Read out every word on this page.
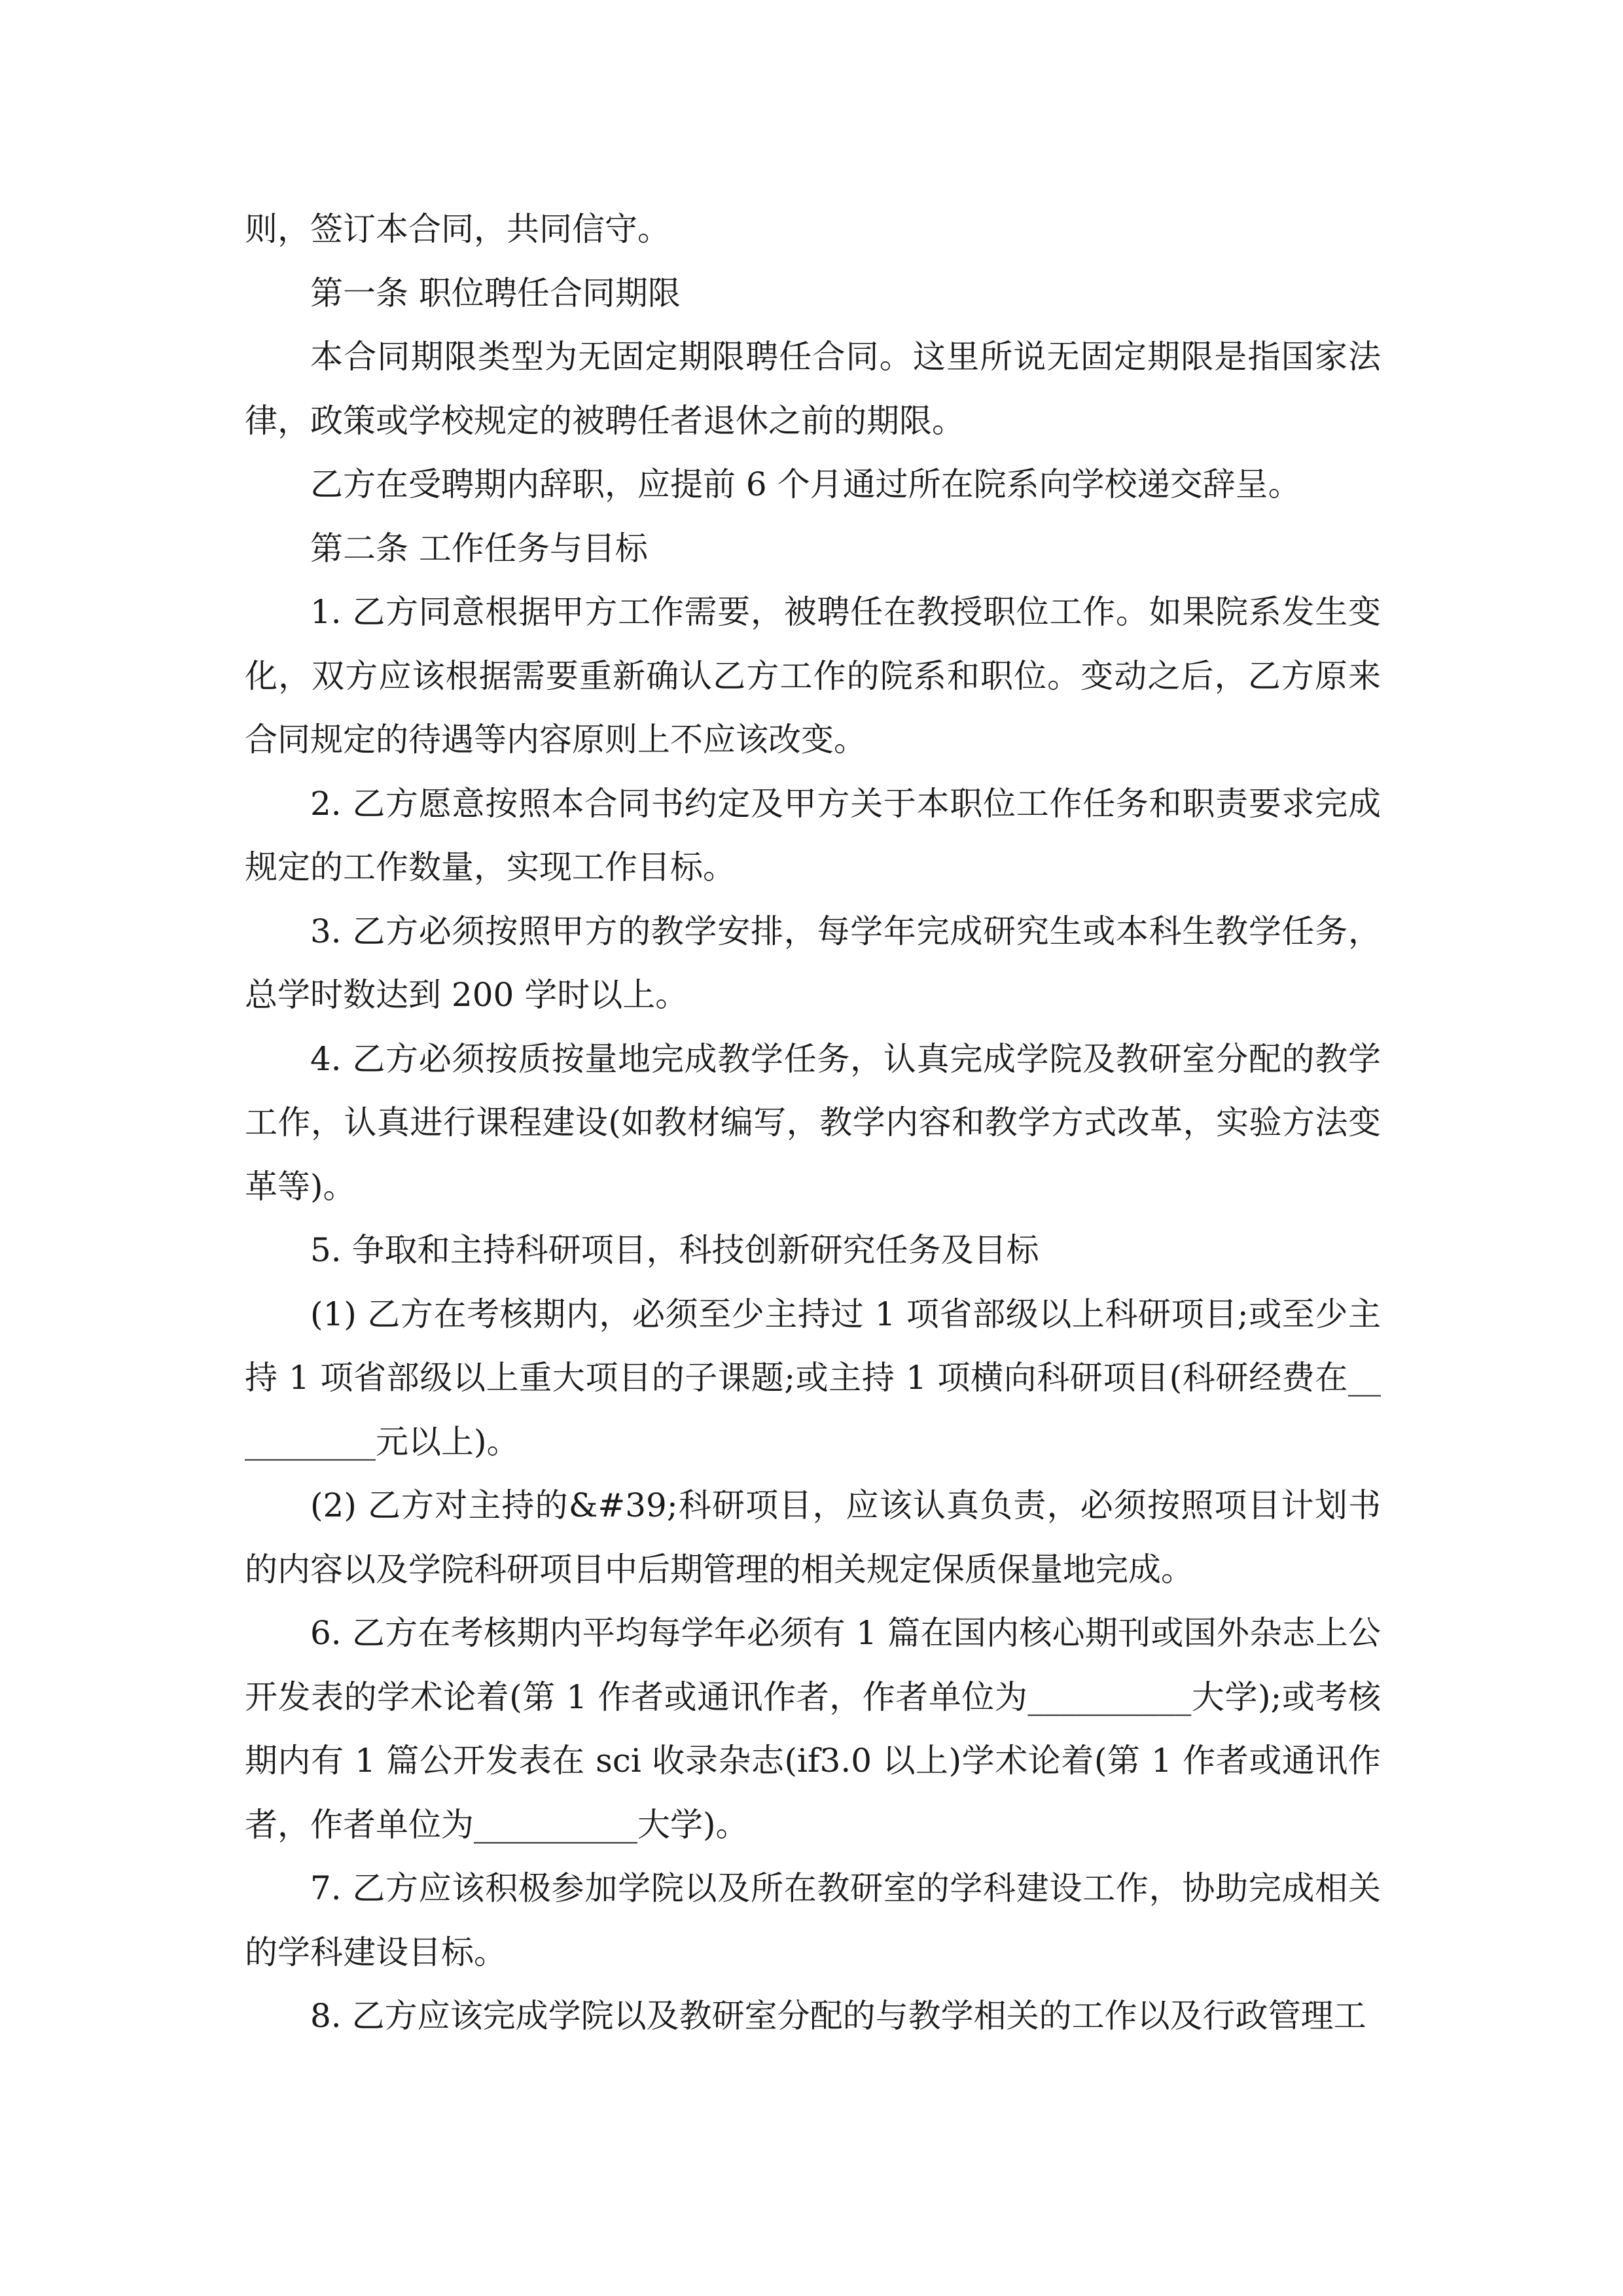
则，签订本合同，共同信守。

第一条 职位聘任合同期限

本合同期限类型为无固定期限聘任合同。这里所说无固定期限是指国家法律，政策或学校规定的被聘任者退休之前的期限。

乙方在受聘期内辞职，应提前 6 个月通过所在院系向学校递交辞呈。

第二条 工作任务与目标

1. 乙方同意根据甲方工作需要，被聘任在教授职位工作。如果院系发生变化，双方应该根据需要重新确认乙方工作的院系和职位。变动之后，乙方原来合同规定的待遇等内容原则上不应该改变。

2. 乙方愿意按照本合同书约定及甲方关于本职位工作任务和职责要求完成规定的工作数量，实现工作目标。

3. 乙方必须按照甲方的教学安排，每学年完成研究生或本科生教学任务，总学时数达到 200 学时以上。

4. 乙方必须按质按量地完成教学任务，认真完成学院及教研室分配的教学工作，认真进行课程建设(如教材编写，教学内容和教学方式改革，实验方法变革等)。

5. 争取和主持科研项目，科技创新研究任务及目标

(1) 乙方在考核期内，必须至少主持过 1 项省部级以上科研项目;或至少主持 1 项省部级以上重大项目的子课题;或主持 1 项横向科研项目(科研经费在__________元以上)。

(2) 乙方对主持的&#39;科研项目，应该认真负责，必须按照项目计划书的内容以及学院科研项目中后期管理的相关规定保质保量地完成。

6. 乙方在考核期内平均每学年必须有 1 篇在国内核心期刊或国外杂志上公开发表的学术论着(第 1 作者或通讯作者，作者单位为__________大学);或考核期内有 1 篇公开发表在 sci 收录杂志(if3.0 以上)学术论着(第 1 作者或通讯作者，作者单位为__________大学)。

7. 乙方应该积极参加学院以及所在教研室的学科建设工作，协助完成相关的学科建设目标。

8. 乙方应该完成学院以及教研室分配的与教学相关的工作以及行政管理工
